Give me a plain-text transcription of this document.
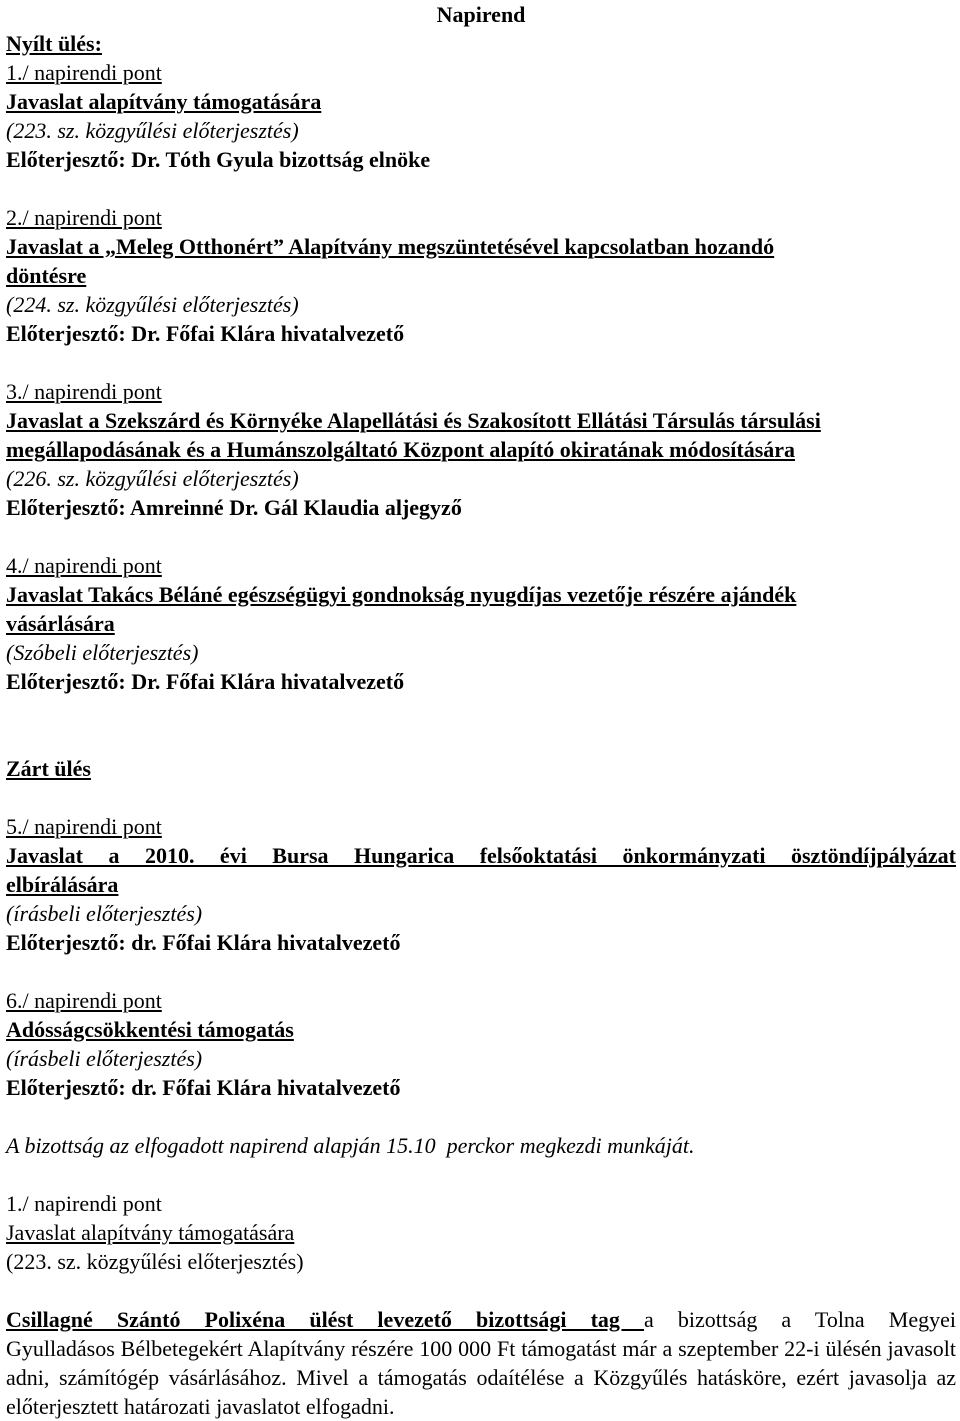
Napirend

Nyílt ülés:

1./ napirendi pont

Javaslat alapítvány támogatására

(223. sz. közgyűlési előterjesztés)

Előterjesztő: Dr. Tóth Gyula bizottság elnöke

2./ napirendi pont

Javaslat a „Meleg Otthonért” Alapítvány megszüntetésével kapcsolatban hozandó
döntésre

(224. sz. közgyűlési előterjesztés)

Előterjesztő: Dr. Főfai Klára hivatalvezető

3./ napirendi pont

Javaslat a Szekszárd és Környéke Alapellátási és Szakosított Ellátási Társulás társulási
megállapodásának és a Humánszolgáltató Központ alapító okiratának módosítására

(226. sz. közgyűlési előterjesztés)

Előterjesztő: Amreinné Dr. Gál Klaudia aljegyző

4./ napirendi pont

Javaslat Takács Béláné egészségügyi gondnokság nyugdíjas vezetője részére ajándék
vásárlására

(Szóbeli előterjesztés)

Előterjesztő: Dr. Főfai Klára hivatalvezető

Zárt ülés

5./ napirendi pont

Javaslat a 2010. évi Bursa Hungarica felsőoktatási önkormányzati ösztöndíjpályázat
elbírálására

(írásbeli előterjesztés)

Előterjesztő: dr. Főfai Klára hivatalvezető

6./ napirendi pont

Adósságcsökkentési támogatás

(írásbeli előterjesztés)

Előterjesztő: dr. Főfai Klára hivatalvezető

A bizottság az elfogadott napirend alapján 15.10  perckor megkezdi munkáját.

1./ napirendi pont

Javaslat alapítvány támogatására

(223. sz. közgyűlési előterjesztés)

Csillagné Szántó Polixéna ülést levezető bizottsági tag a bizottság a Tolna Megyei

Gyulladásos Bélbetegekért Alapítvány részére 100 000 Ft támogatást már a szeptember 22-i ülésén javasolt adni, számítógép vásárlásához. Mivel a támogatás odaítélése a Közgyűlés hatásköre, ezért javasolja az előterjesztett határozati javaslatot elfogadni.
